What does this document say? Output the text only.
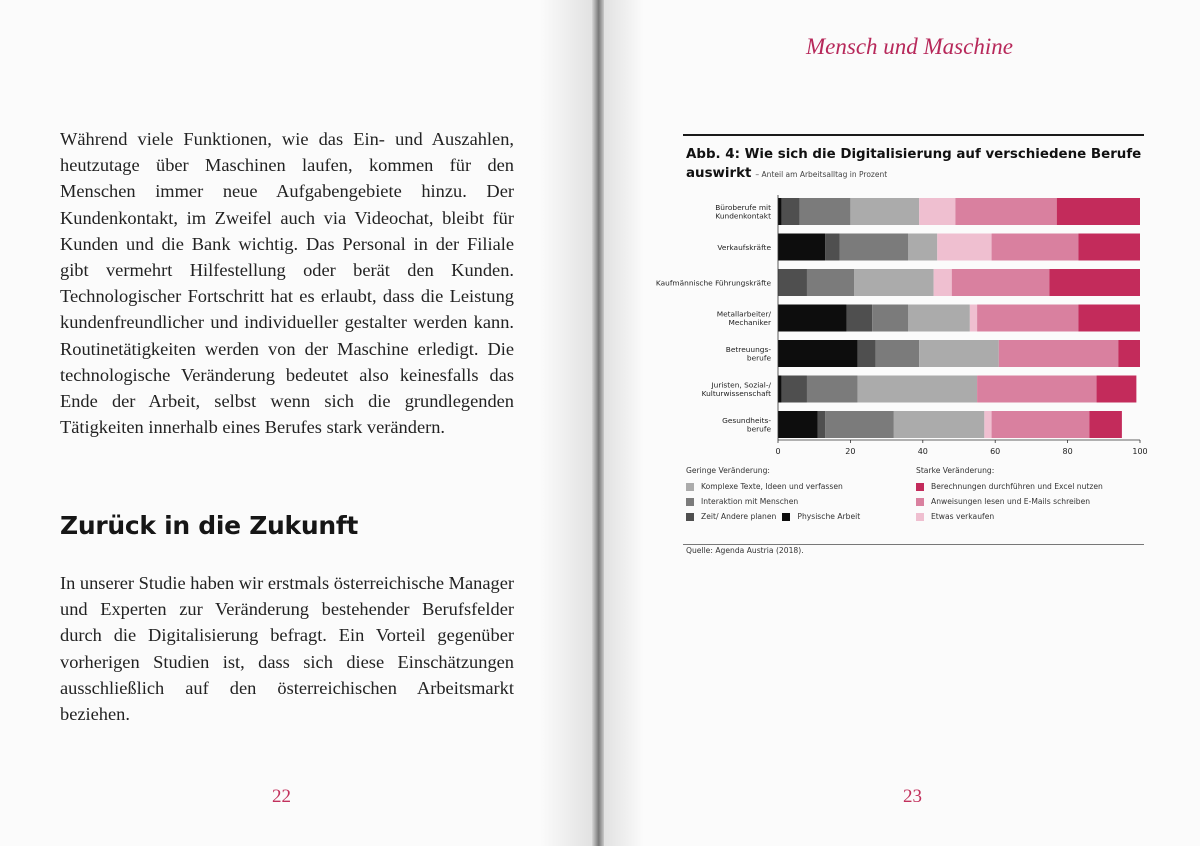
Während viele Funktionen, wie das Ein- und Auszahlen, heutzutage über Maschinen laufen, kommen für den Menschen immer neue Aufgabengebiete hinzu. Der Kundenkontakt, im Zweifel auch via Videochat, bleibt für Kunden und die Bank wichtig. Das Personal in der Filiale gibt vermehrt Hilfestellung oder berät den Kunden. Technologischer Fortschritt hat es erlaubt, dass die Leistung kundenfreundlicher und individueller gestalter werden kann. Routinetätigkeiten werden von der Maschine erledigt. Die technologische Veränderung bedeutet also keinesfalls das Ende der Arbeit, selbst wenn sich die grundlegenden Tätigkeiten innerhalb eines Berufes stark verändern.

Zurück in die Zukunft

In unserer Studie haben wir erstmals österreichische Manager und Experten zur Veränderung bestehender Berufsfelder durch die Digitalisierung befragt. Ein Vorteil gegenüber vorherigen Studien ist, dass sich diese Einschätzungen ausschließlich auf den österreichischen Arbeitsmarkt beziehen.

22
Mensch und Maschine

Abb. 4: Wie sich die Digitalisierung auf verschiedene Berufe auswirkt – Anteil am Arbeitsalltag in Prozent

Büroberufe mit Kundenkontakt
Verkaufskräfte
Kaufmännische Führungskräfte
Metallarbeiter/ Mechaniker
Betreuungs-berufe
Juristen, Sozial-/ Kulturwissenschaft
Gesundheits-berufe
0	20	40	60	80	100
Geringe Veränderung:
Komplexe Texte, Ideen und verfassen
Interaktion mit Menschen
Zeit/ Andere planen	Physische Arbeit
Starke Veränderung:
Berechnungen durchführen und Excel nutzen
Anweisungen lesen und E-Mails schreiben
Etwas verkaufen
Quelle: Agenda Austria (2018).
23
